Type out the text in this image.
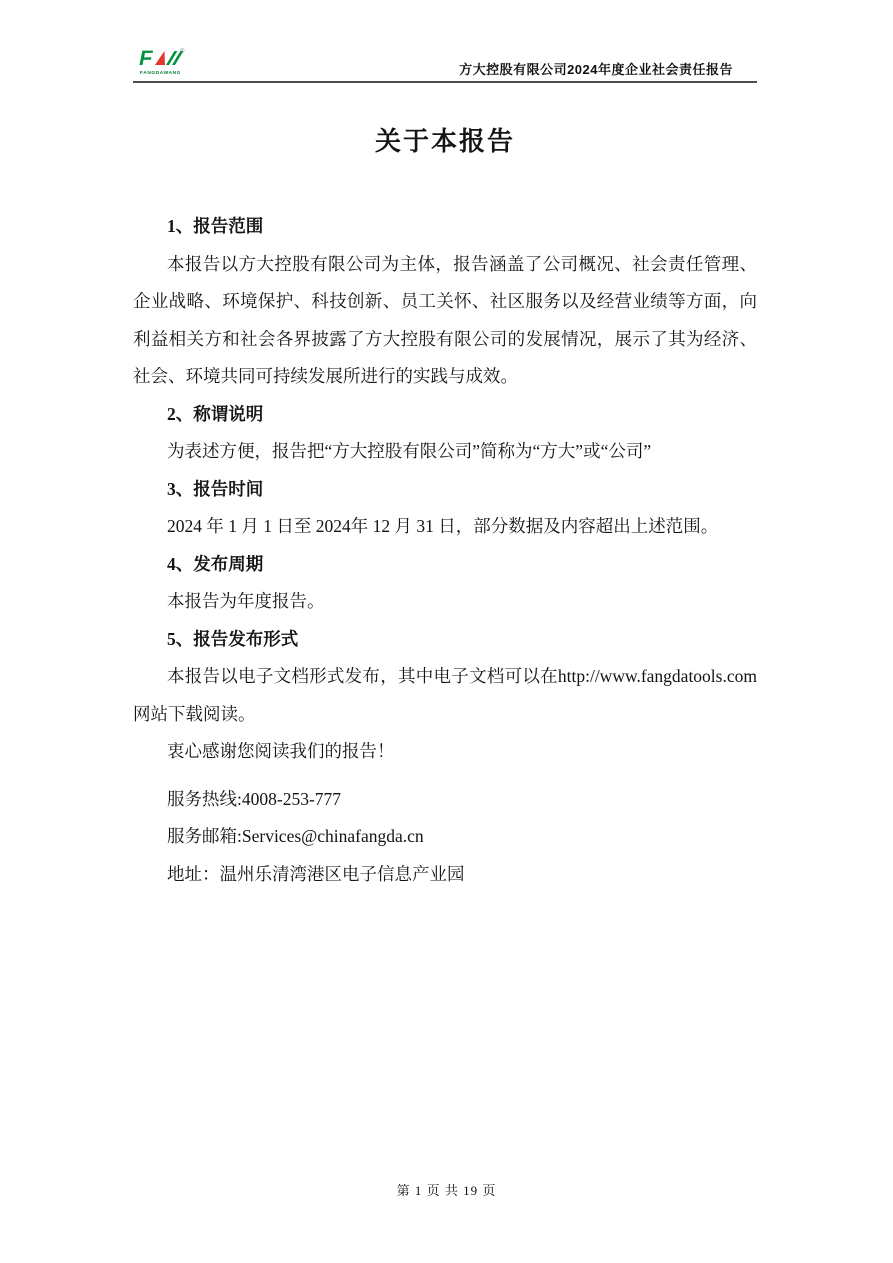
F	®
FANGDAWANG	方大控股有限公司2024年度企业社会责任报告
关于本报告
1、报告范围

本报告以方大控股有限公司为主体，报告涵盖了公司概况、社会责任管理、企业战略、环境保护、科技创新、员工关怀、社区服务以及经营业绩等方面，向利益相关方和社会各界披露了方大控股有限公司的发展情况，展示了其为经济、社会、环境共同可持续发展所进行的实践与成效。

2、称谓说明

为表述方便，报告把“方大控股有限公司”简称为“方大”或“公司”

3、报告时间

2024 年 1 月 1 日至 2024年 12 月 31 日，部分数据及内容超出上述范围。

4、发布周期

本报告为年度报告。

5、报告发布形式

本报告以电子文档形式发布，其中电子文档可以在http://www.fangdatools.com网站下载阅读。

衷心感谢您阅读我们的报告！

服务热线:4008-253-777

服务邮箱:Services@chinafangda.cn

地址：温州乐清湾港区电子信息产业园

第 1 页 共 19 页
